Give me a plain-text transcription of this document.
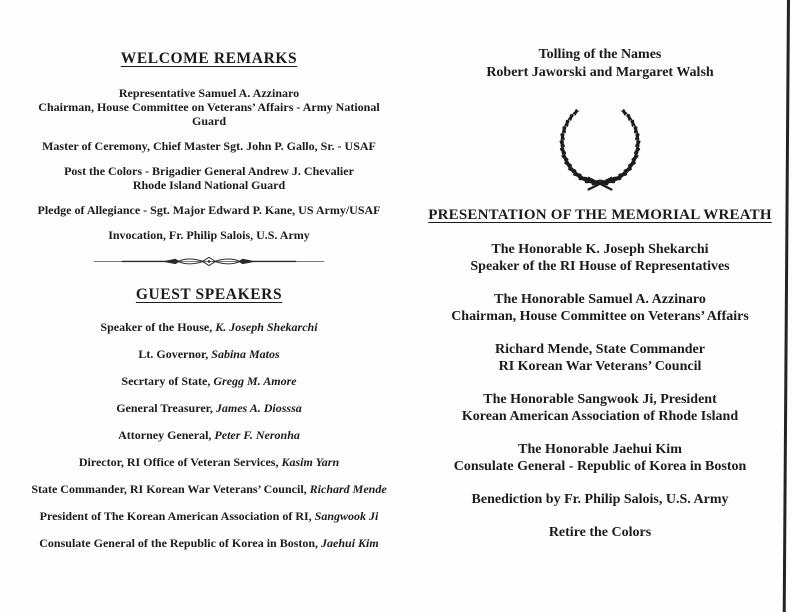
WELCOME REMARKS
Representative Samuel A. Azzinaro
Chairman, House Committee on Veterans’ Affairs - Army National
Guard
Master of Ceremony, Chief Master Sgt. John P. Gallo, Sr. - USAF
Post the Colors - Brigadier General Andrew J. Chevalier
Rhode Island National Guard
Pledge of Allegiance - Sgt. Major Edward P. Kane, US Army/USAF
Invocation, Fr. Philip Salois, U.S. Army
GUEST SPEAKERS
Speaker of the House, K. Joseph Shekarchi
Lt. Governor, Sabina Matos
Secrtary of State, Gregg M. Amore
General Treasurer, James A. Diosssa
Attorney General, Peter F. Neronha
Director, RI Office of Veteran Services, Kasim Yarn
State Commander, RI Korean War Veterans’ Council, Richard Mende
President of The Korean American Association of RI, Sangwook Ji
Consulate General of the Republic of Korea in Boston, Jaehui Kim

Tolling of the Names
Robert Jaworski and Margaret Walsh

PRESENTATION OF THE MEMORIAL WREATH
The Honorable K. Joseph Shekarchi
Speaker of the RI House of Representatives
The Honorable Samuel A. Azzinaro
Chairman, House Committee on Veterans’ Affairs
Richard Mende, State Commander
RI Korean War Veterans’ Council
The Honorable Sangwook Ji, President
Korean American Association of Rhode Island
The Honorable Jaehui Kim
Consulate General - Republic of Korea in Boston
Benediction by Fr. Philip Salois, U.S. Army
Retire the Colors
